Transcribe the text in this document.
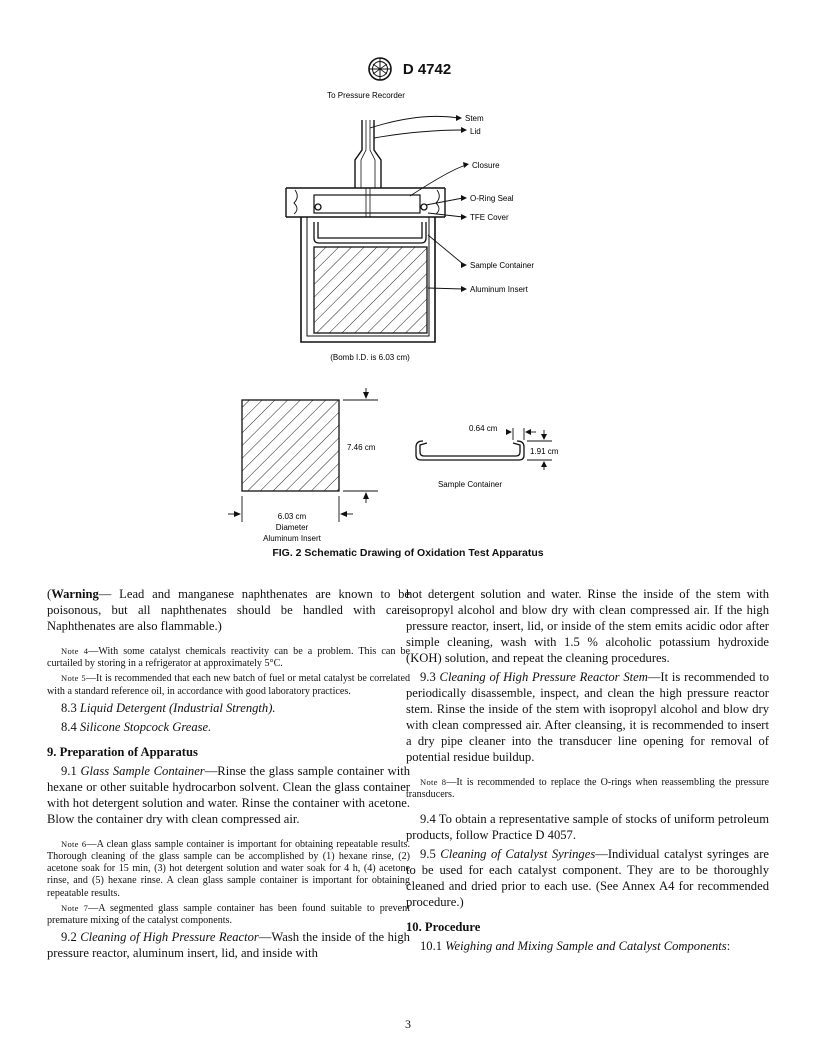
D 4742
To Pressure Recorder
Stem
Lid
Closure
O-Ring Seal
TFE Cover
Sample Container
Aluminum Insert
(Bomb I.D. is 6.03 cm)
7.46 cm
6.03 cm
Diameter
Aluminum Insert
0.64 cm
1.91 cm
Sample Container
FIG. 2 Schematic Drawing of Oxidation Test Apparatus

(Warning— Lead and manganese naphthenates are known to be poisonous, but all naphthenates should be handled with care. Naphthenates are also flammable.)

Note 4—With some catalyst chemicals reactivity can be a problem. This can be curtailed by storing in a refrigerator at approximately 5°C.

Note 5—It is recommended that each new batch of fuel or metal catalyst be correlated with a standard reference oil, in accordance with good laboratory practices.

8.3 Liquid Detergent (Industrial Strength).

8.4 Silicone Stopcock Grease.

9. Preparation of Apparatus

9.1 Glass Sample Container—Rinse the glass sample container with hexane or other suitable hydrocarbon solvent. Clean the glass container with hot detergent solution and water. Rinse the container with acetone. Blow the container dry with clean compressed air.

Note 6—A clean glass sample container is important for obtaining repeatable results. Thorough cleaning of the glass sample can be accomplished by (1) hexane rinse, (2) acetone soak for 15 min, (3) hot detergent solution and water soak for 4 h, (4) acetone rinse, and (5) hexane rinse. A clean glass sample container is important for obtaining repeatable results.

Note 7—A segmented glass sample container has been found suitable to prevent premature mixing of the catalyst components.

9.2 Cleaning of High Pressure Reactor—Wash the inside of the high pressure reactor, aluminum insert, lid, and inside with

hot detergent solution and water. Rinse the inside of the stem with isopropyl alcohol and blow dry with clean compressed air. If the high pressure reactor, insert, lid, or inside of the stem emits acidic odor after simple cleaning, wash with 1.5 % alcoholic potassium hydroxide (KOH) solution, and repeat the cleaning procedures.

9.3 Cleaning of High Pressure Reactor Stem—It is recommended to periodically disassemble, inspect, and clean the high pressure reactor stem. Rinse the inside of the stem with isopropyl alcohol and blow dry with clean compressed air. After cleansing, it is recommended to insert a dry pipe cleaner into the transducer line opening for removal of potential residue buildup.

Note 8—It is recommended to replace the O-rings when reassembling the pressure transducers.

9.4 To obtain a representative sample of stocks of uniform petroleum products, follow Practice D 4057.

9.5 Cleaning of Catalyst Syringes—Individual catalyst syringes are to be used for each catalyst component. They are to be thoroughly cleaned and dried prior to each use. (See Annex A4 for recommended procedure.)

10. Procedure

10.1 Weighing and Mixing Sample and Catalyst Components:

3
